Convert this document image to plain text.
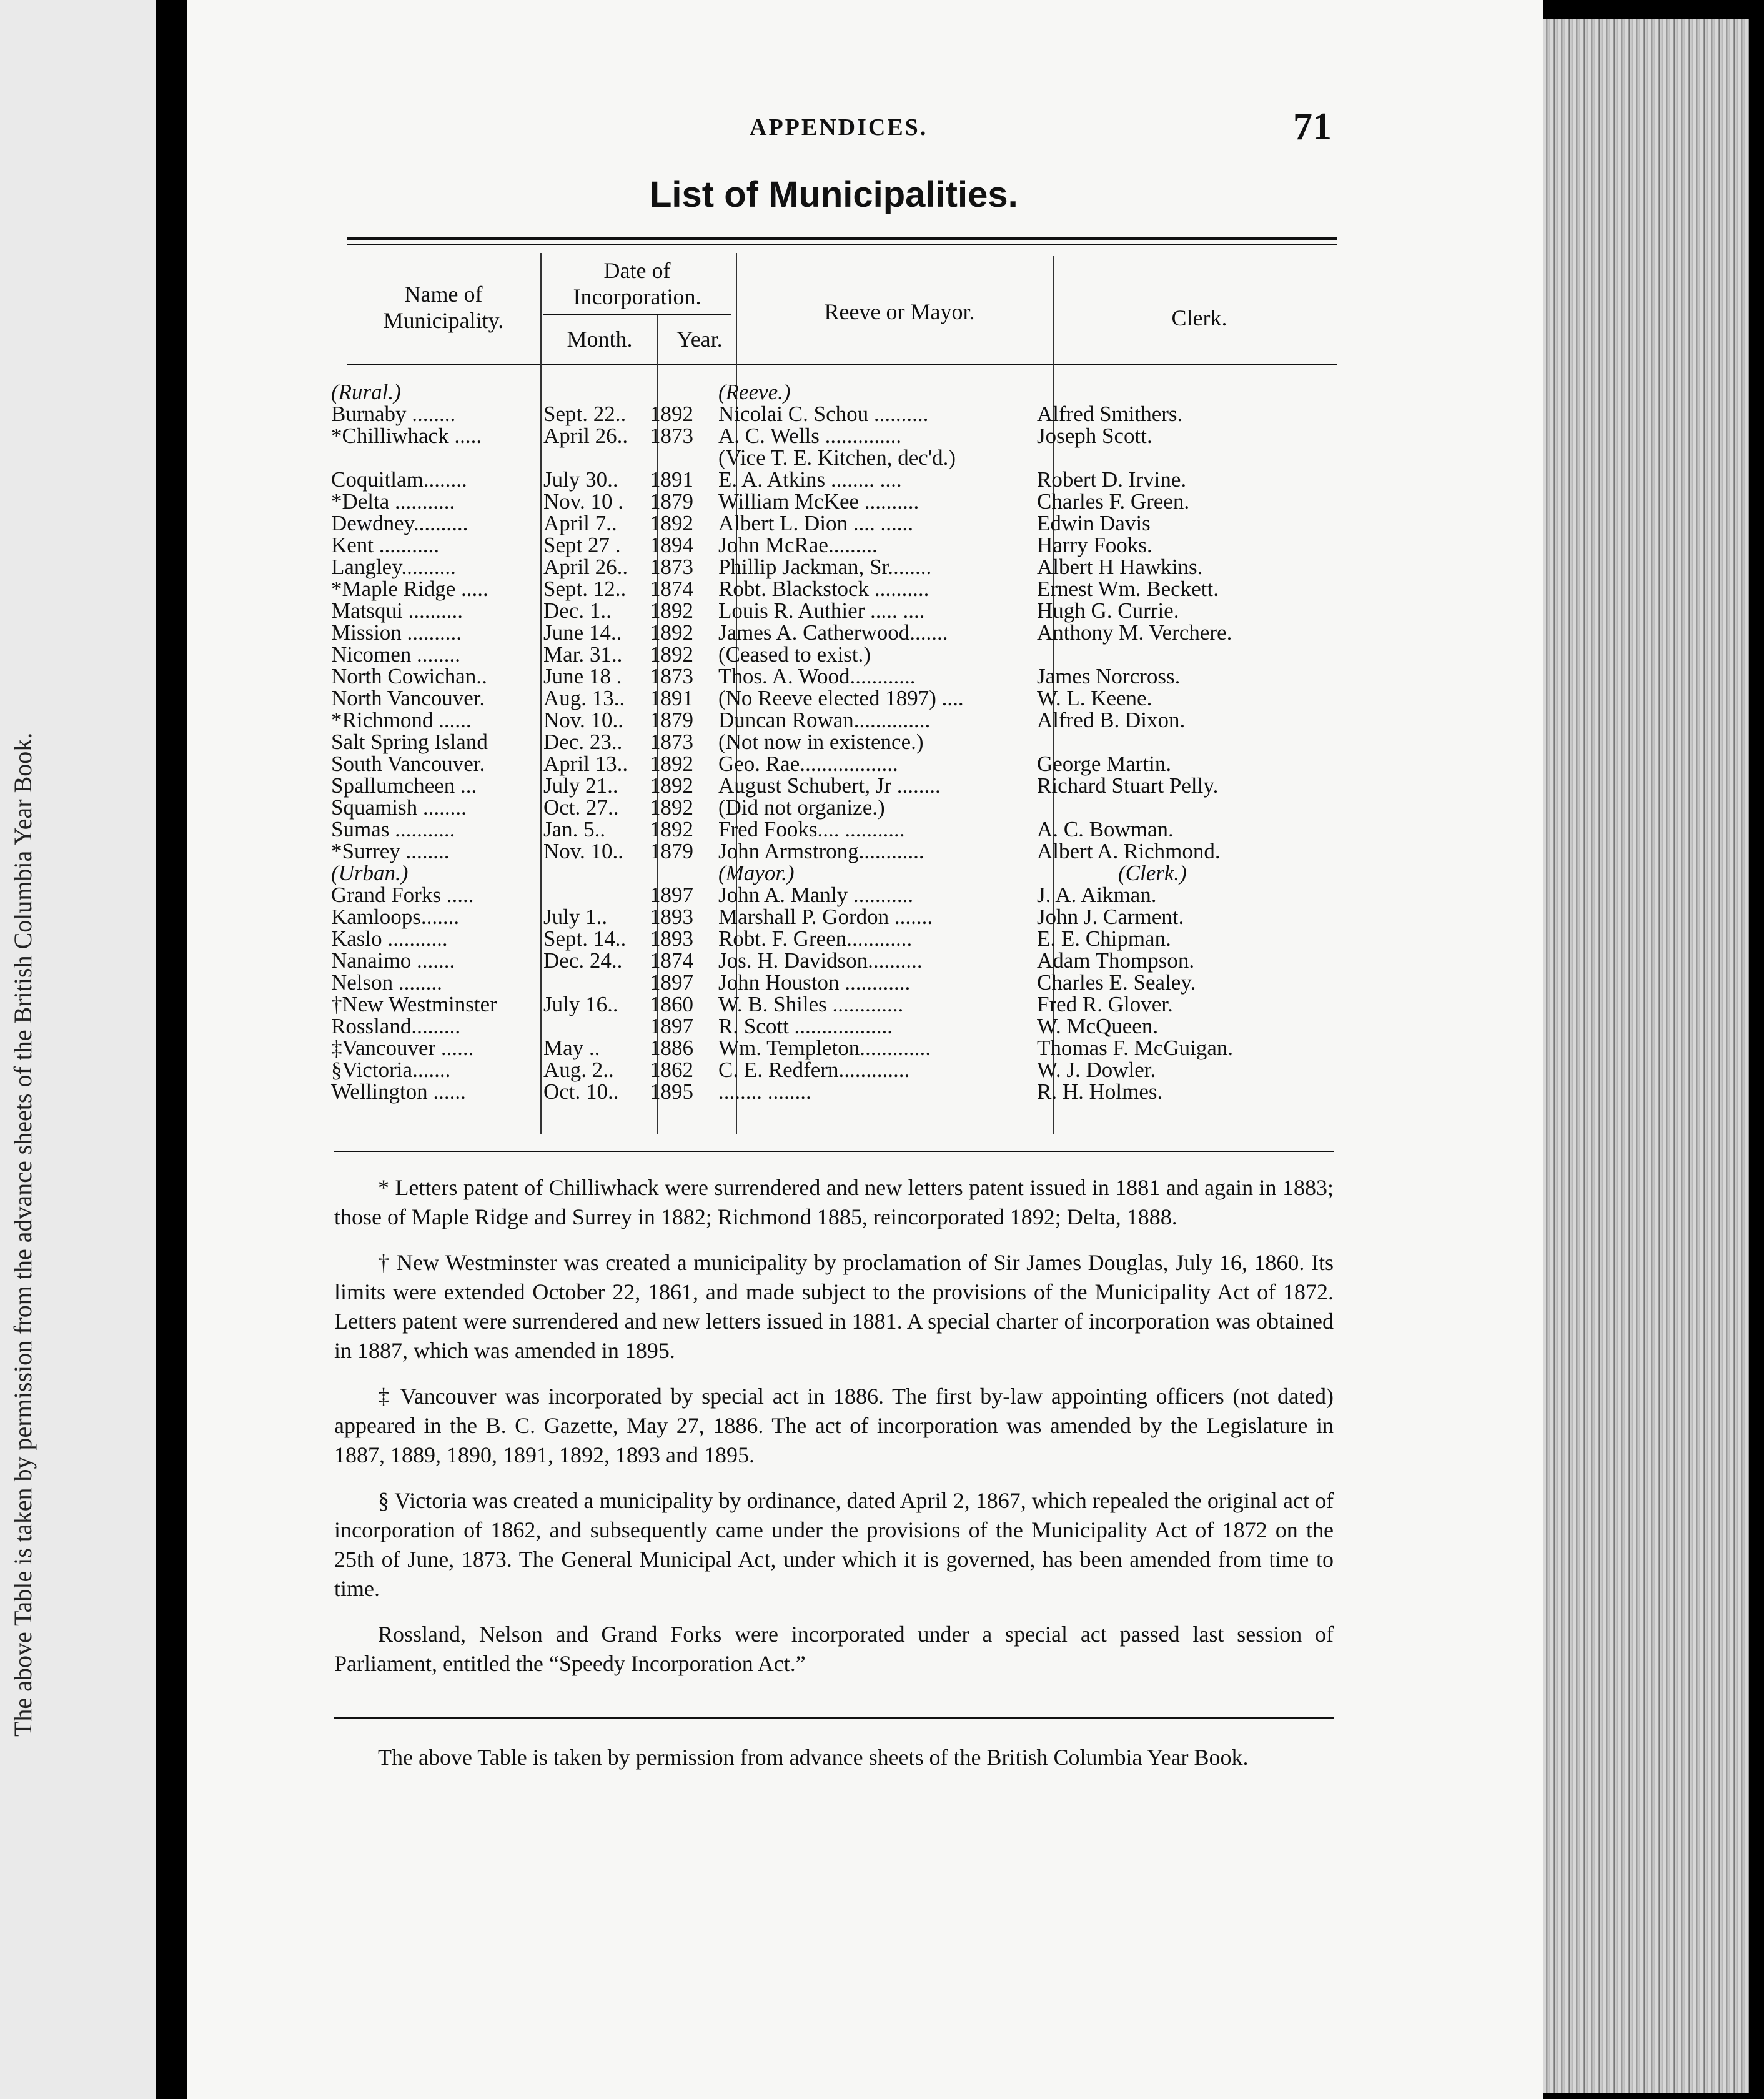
The above Table is taken by permission from the advance sheets of the British Columbia Year Book.
APPENDICES.	71
List of Municipalities.
Name of Municipality.
Date of Incorporation.
Month.	Year.
Reeve or Mayor.	Clerk.
(Rural.)			(Reeve.)	
Burnaby ........	Sept. 22..	1892	Nicolai C. Schou ..........	Alfred Smithers.
*Chilliwhack .....	April 26..	1873	A. C. Wells ..............	Joseph Scott.
			(Vice T. E. Kitchen, dec'd.)	
Coquitlam........	July 30..	1891	E. A. Atkins ........ ....	Robert D. Irvine.
*Delta ...........	Nov. 10 .	1879	William McKee ..........	Charles F. Green.
Dewdney..........	April 7..	1892	Albert L. Dion .... ......	Edwin Davis
Kent ...........	Sept 27 .	1894	John McRae.........	Harry Fooks.
Langley..........	April 26..	1873	Phillip Jackman, Sr........	Albert H Hawkins.
*Maple Ridge .....	Sept. 12..	1874	Robt. Blackstock ..........	Ernest Wm. Beckett.
Matsqui ..........	Dec. 1..	1892	Louis R. Authier ..... ....	Hugh G. Currie.
Mission ..........	June 14..	1892	James A. Catherwood.......	Anthony M. Verchere.
Nicomen ........	Mar. 31..	1892	(Ceased to exist.)	
North Cowichan..	June 18 .	1873	Thos. A. Wood............	James Norcross.
North Vancouver.	Aug. 13..	1891	(No Reeve elected 1897) ....	W. L. Keene.
*Richmond ......	Nov. 10..	1879	Duncan Rowan..............	Alfred B. Dixon.
Salt Spring Island	Dec. 23..	1873	(Not now in existence.)	
South Vancouver.	April 13..	1892	Geo. Rae..................	George Martin.
Spallumcheen ...	July 21..	1892	August Schubert, Jr ........	Richard Stuart Pelly.
Squamish ........	Oct. 27..	1892	(Did not organize.)	
Sumas ...........	Jan. 5..	1892	Fred Fooks.... ...........	A. C. Bowman.
*Surrey ........	Nov. 10..	1879	John Armstrong............	Albert A. Richmond.
(Urban.)			(Mayor.)	(Clerk.)
Grand Forks .....		1897	John A. Manly ...........	J. A. Aikman.
Kamloops.......	July 1..	1893	Marshall P. Gordon .......	John J. Carment.
Kaslo ...........	Sept. 14..	1893	Robt. F. Green............	E. E. Chipman.
Nanaimo .......	Dec. 24..	1874	Jos. H. Davidson..........	Adam Thompson.
Nelson ........		1897	John Houston ............	Charles E. Sealey.
†New Westminster	July 16..	1860	W. B. Shiles .............	Fred R. Glover.
Rossland.........		1897	R. Scott ..................	W. McQueen.
‡Vancouver ......	May ..	1886	Wm. Templeton.............	Thomas F. McGuigan.
§Victoria.......	Aug. 2..	1862	C. E. Redfern.............	W. J. Dowler.
Wellington ......	Oct. 10..	1895	........ ........	R. H. Holmes.

* Letters patent of Chilliwhack were surrendered and new letters patent issued in 1881 and again in 1883; those of Maple Ridge and Surrey in 1882; Richmond 1885, reincorporated 1892; Delta, 1888.

† New Westminster was created a municipality by proclamation of Sir James Douglas, July 16, 1860. Its limits were extended October 22, 1861, and made subject to the provisions of the Municipality Act of 1872. Letters patent were surrendered and new letters issued in 1881. A special charter of incorporation was obtained in 1887, which was amended in 1895.

‡ Vancouver was incorporated by special act in 1886. The first by-law appointing officers (not dated) appeared in the B. C. Gazette, May 27, 1886. The act of incorporation was amended by the Legislature in 1887, 1889, 1890, 1891, 1892, 1893 and 1895.

§ Victoria was created a municipality by ordinance, dated April 2, 1867, which repealed the original act of incorporation of 1862, and subsequently came under the provisions of the Municipality Act of 1872 on the 25th of June, 1873. The General Municipal Act, under which it is governed, has been amended from time to time.

Rossland, Nelson and Grand Forks were incorporated under a special act passed last session of Parliament, entitled the “Speedy Incorporation Act.”

The above Table is taken by permission from advance sheets of the British Columbia Year Book.
